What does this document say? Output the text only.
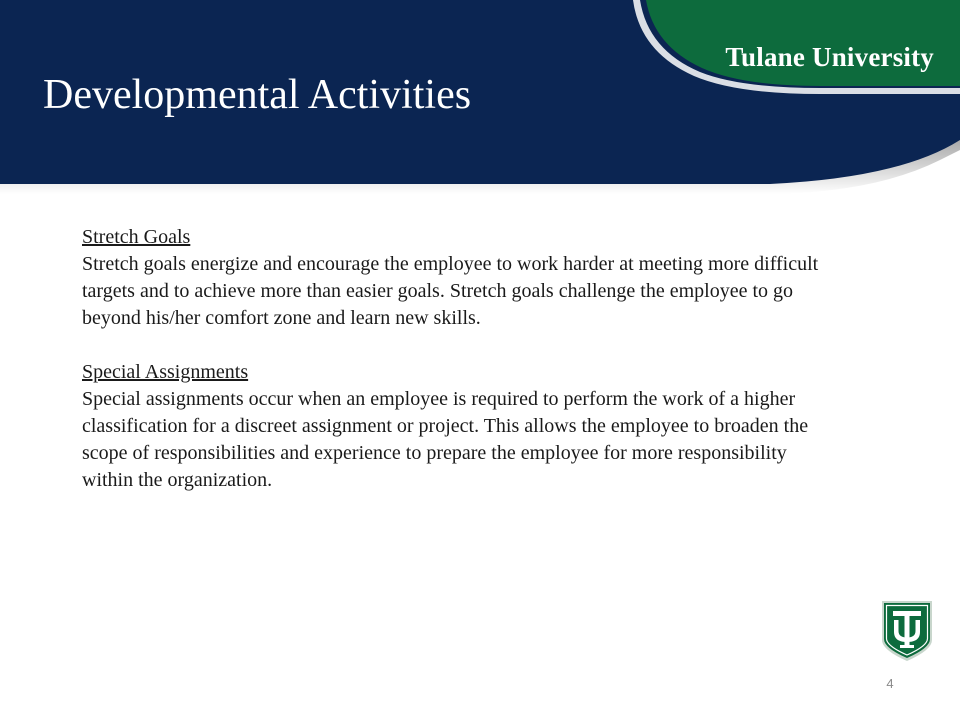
Tulane University
Developmental Activities
Stretch Goals

Stretch goals energize and encourage the employee to work harder at meeting more difficult targets and to achieve more than easier goals. Stretch goals challenge the employee to go beyond his/her comfort zone and learn new skills.

Special Assignments

Special assignments occur when an employee is required to perform the work of a higher classification for a discreet assignment or project. This allows the employee to broaden the scope of responsibilities and experience to prepare the employee for more responsibility within the organization.

4
